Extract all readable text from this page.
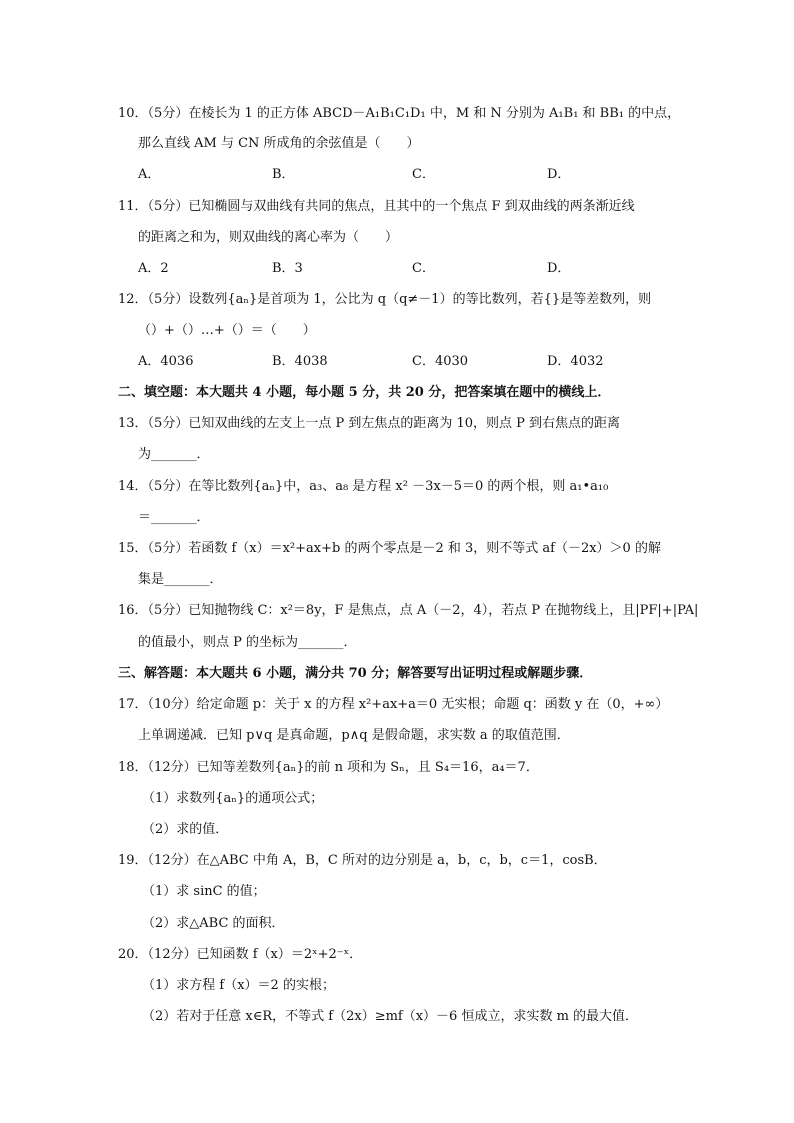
10．（5分）在棱长为 1 的正方体 ABCD－A₁B₁C₁D₁ 中，M 和 N 分别为 A₁B₁ 和 BB₁ 的中点，
那么直线 AM 与 CN 所成角的余弦值是（　　）
A．	B．	C．	D．
11．（5分）已知椭圆与双曲线有共同的焦点，且其中的一个焦点 F 到双曲线的两条渐近线
的距离之和为，则双曲线的离心率为（　　）
A．2	B．3	C．	D．
12．（5分）设数列{aₙ}是首项为 1，公比为 q（q≠－1）的等比数列，若{}是等差数列，则
（）+（）…+（）＝（　　）
A．4036	B．4038	C．4030	D．4032
二、填空题：本大题共 4 小题，每小题 5 分，共 20 分，把答案填在题中的横线上．
13．（5分）已知双曲线的左支上一点 P 到左焦点的距离为 10，则点 P 到右焦点的距离
为_______．
14．（5分）在等比数列{aₙ}中，a₃、a₈ 是方程 x² －3x－5＝0 的两个根，则 a₁•a₁₀
＝_______．
15．（5分）若函数 f（x）＝x²+ax+b 的两个零点是－2 和 3，则不等式 af（－2x）＞0 的解
集是_______．
16．（5分）已知抛物线 C：x²＝8y，F 是焦点，点 A（－2，4），若点 P 在抛物线上，且|PF|+|PA|
的值最小，则点 P 的坐标为_______．
三、解答题：本大题共 6 小题，满分共 70 分；解答要写出证明过程或解题步骤．
17．（10分）给定命题 p：关于 x 的方程 x²+ax+a＝0 无实根；命题 q：函数 y 在（0，+∞）
上单调递减．已知 p∨q 是真命题，p∧q 是假命题，求实数 a 的取值范围．
18．（12分）已知等差数列{aₙ}的前 n 项和为 Sₙ，且 S₄＝16，a₄＝7．
（1）求数列{aₙ}的通项公式；
（2）求的值．
19．（12分）在△ABC 中角 A，B，C 所对的边分别是 a，b，c，b，c＝1，cosB．
（1）求 sinC 的值；
（2）求△ABC 的面积．
20．（12分）已知函数 f（x）＝2ˣ+2⁻ˣ．
（1）求方程 f（x）＝2 的实根；
（2）若对于任意 x∈R，不等式 f（2x）≥mf（x）－6 恒成立，求实数 m 的最大值．
